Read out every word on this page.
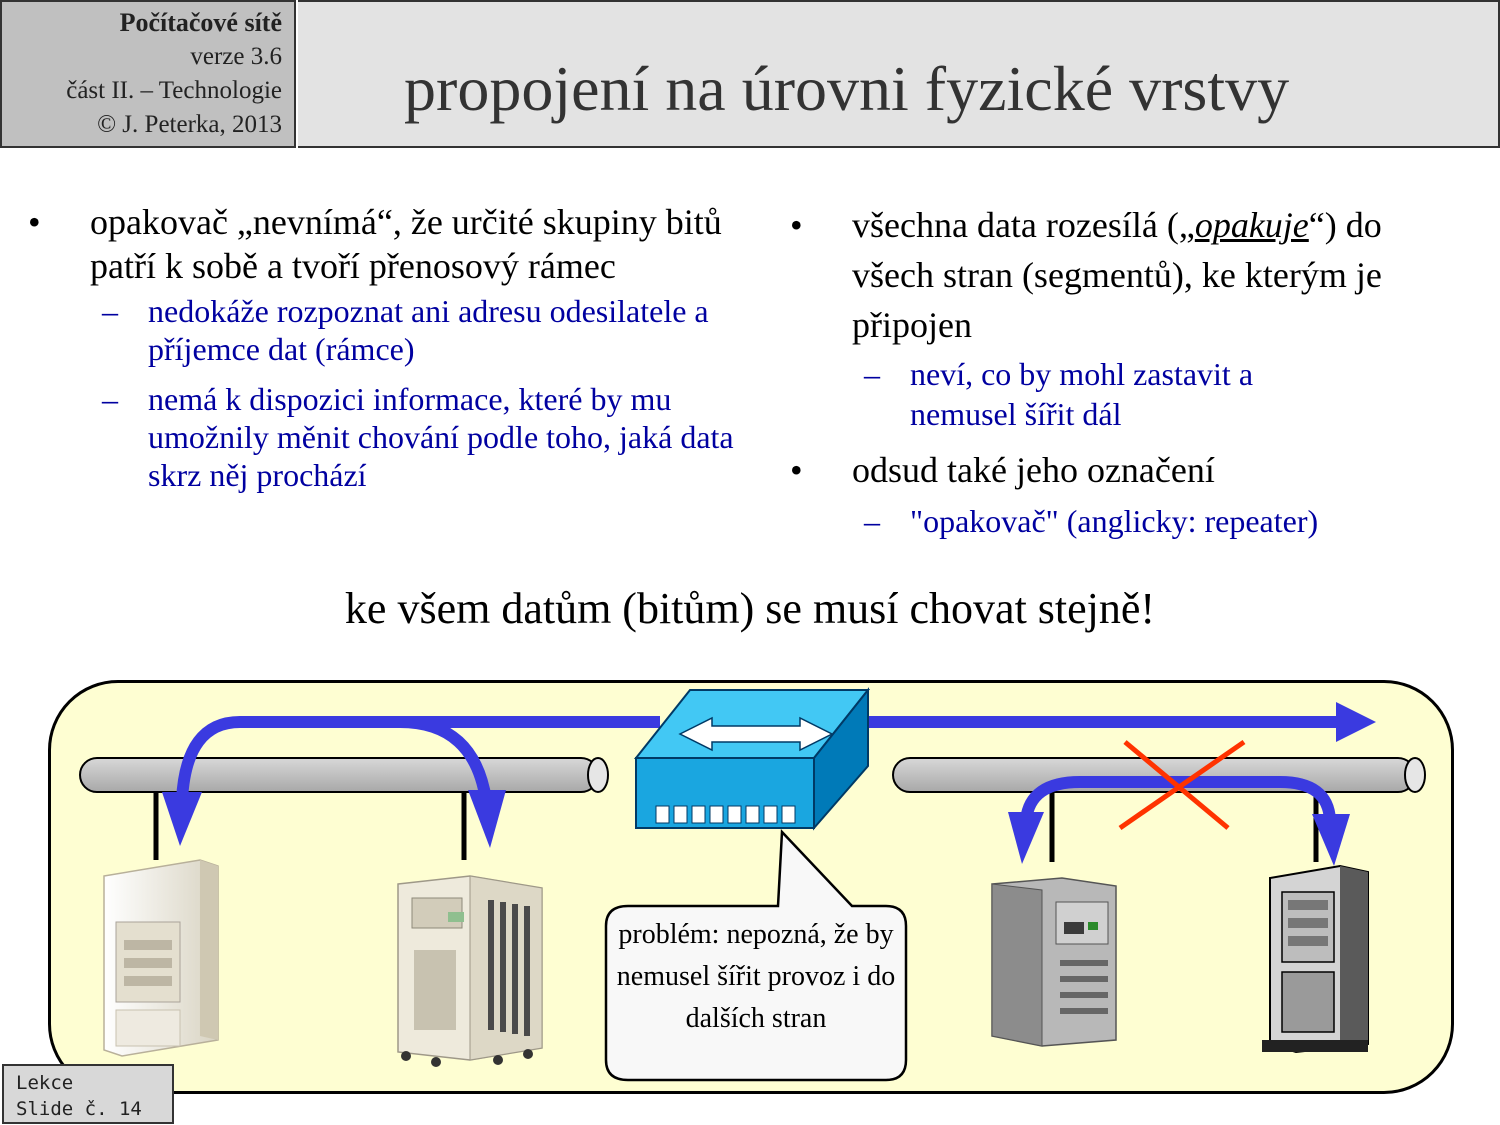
Počítačové sítě
verze 3.6
část II. – Technologie
© J. Peterka, 2013
propojení na úrovni fyzické vrstvy
• opakovač „nevnímá“, že určité skupiny bitů patří k sobě a tvoří přenosový rámec
– nedokáže rozpoznat ani adresu odesilatele a příjemce dat (rámce)
– nemá k dispozici informace, které by mu umožnily měnit chování podle toho, jaká data skrz něj prochází
• všechna data rozesílá („opakuje“) do všech stran (segmentů), ke kterým je připojen
– neví, co by mohl zastavit a nemusel šířit dál
• odsud také jeho označení
– "opakovač" (anglicky: repeater)
ke všem datům (bitům) se musí chovat stejně!
problém: nepozná, že by nemusel šířit provoz i do dalších stran
Lekce
Slide č. 14
